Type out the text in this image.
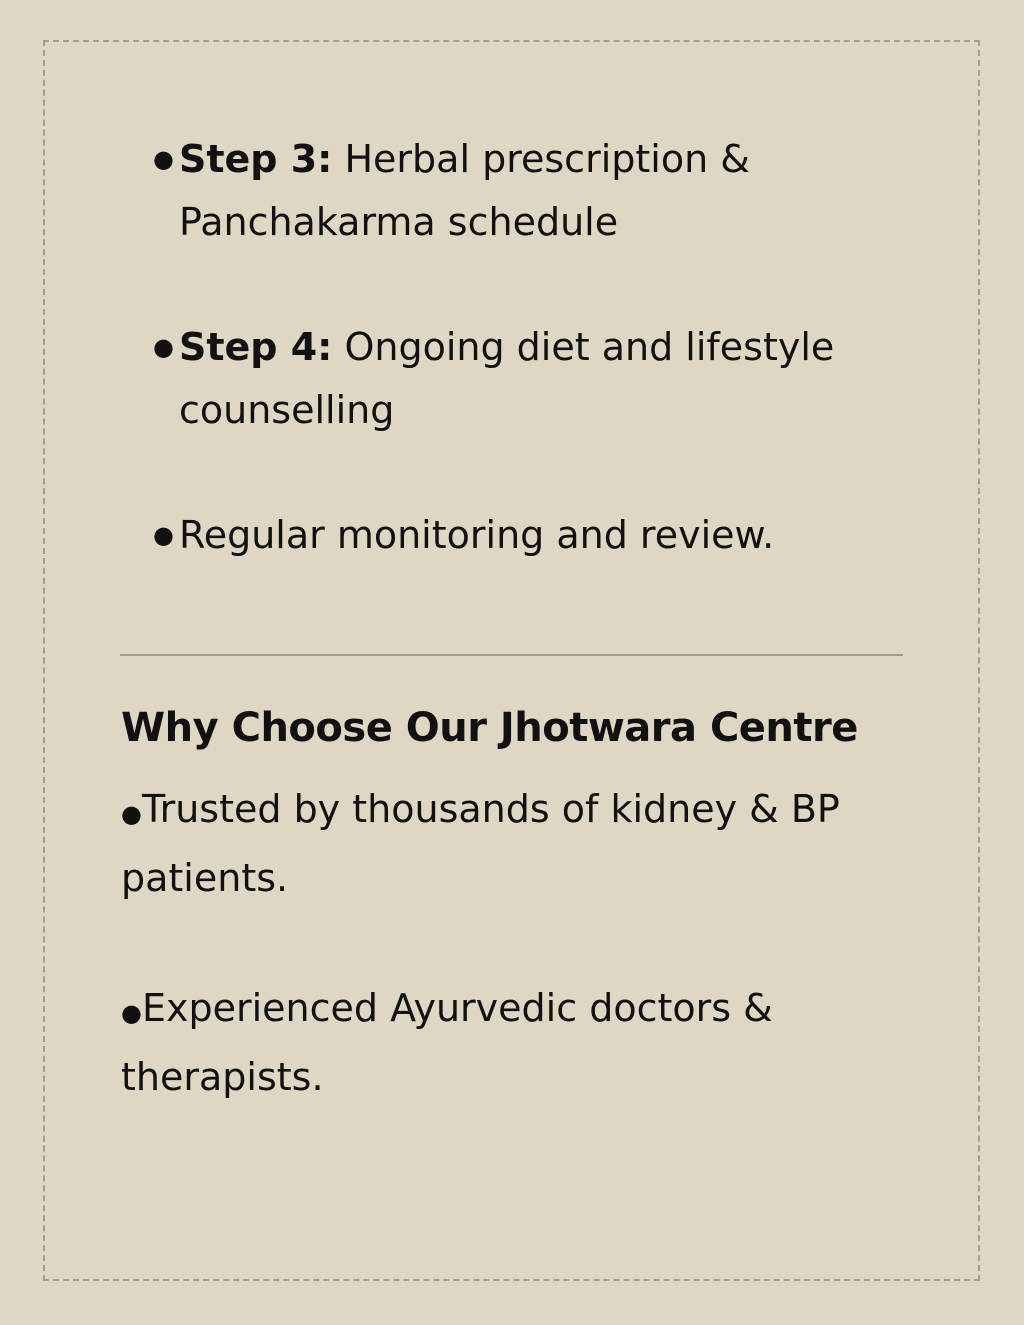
● Step 3: Herbal prescription & Panchakarma schedule
● Step 4: Ongoing diet and lifestyle counselling
● Regular monitoring and review.
Why Choose Our Jhotwara Centre
●Trusted by thousands of kidney & BP patients.
●Experienced Ayurvedic doctors & therapists.
